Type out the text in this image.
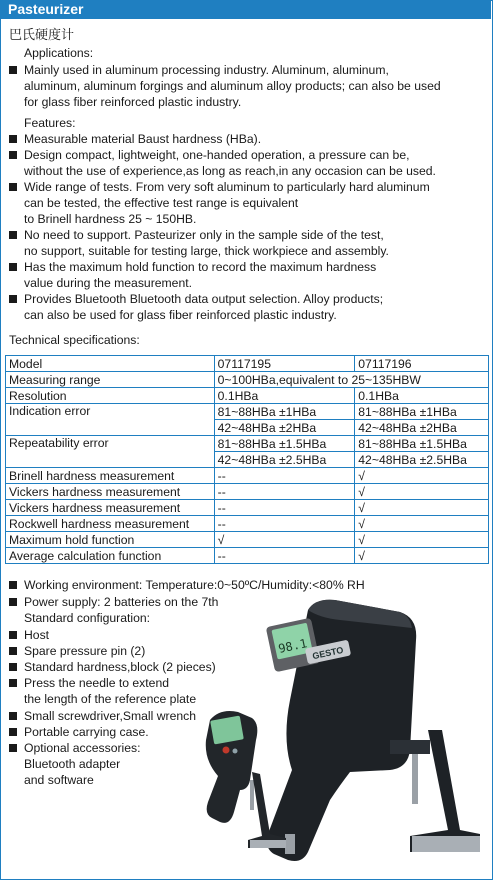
Pasteurizer
巴氏硬度计
Applications:
Mainly used in aluminum processing industry. Aluminum, aluminum,
aluminum, aluminum forgings and aluminum alloy products; can also be used
for glass fiber reinforced plastic industry.
Features:
Measurable material Baust hardness (HBa).
Design compact, lightweight, one-handed operation, a pressure can be,
without the use of experience,as long as reach,in any occasion can be used.
Wide range of tests. From very soft aluminum to particularly hard aluminum
can be tested, the effective test range is equivalent
to Brinell hardness 25 ~ 150HB.
No need to support. Pasteurizer only in the sample side of the test,
no support, suitable for testing large, thick workpiece and assembly.
Has the maximum hold function to record the maximum hardness
value during the measurement.
Provides Bluetooth Bluetooth data output selection. Alloy products;
can also be used for glass fiber reinforced plastic industry.
Technical specifications:
Model	07117195	07117196
Measuring range	0~100HBa,equivalent to 25~135HBW	
Resolution	0.1HBa	0.1HBa
Indication error	81~88HBa ±1HBa	81~88HBa ±1HBa
	42~48HBa ±2HBa	42~48HBa ±2HBa
Repeatability error	81~88HBa ±1.5HBa	81~88HBa ±1.5HBa
	42~48HBa ±2.5HBa	42~48HBa ±2.5HBa
Brinell hardness measurement	--	√
Vickers hardness measurement	--	√
Vickers hardness measurement	--	√
Rockwell hardness measurement	--	√
Maximum hold function	√	√
Average calculation function	--	√
Working environment: Temperature:0~50ºC/Humidity:<80% RH
Power supply: 2 batteries on the 7th
Standard configuration:
Host
Spare pressure pin (2)
Standard hardness,block (2 pieces)
Press the needle to extend
the length of the reference plate
Small screwdriver,Small wrench
Portable carrying case.
Optional accessories:
Bluetooth adapter
and software
98.1 GESTO
